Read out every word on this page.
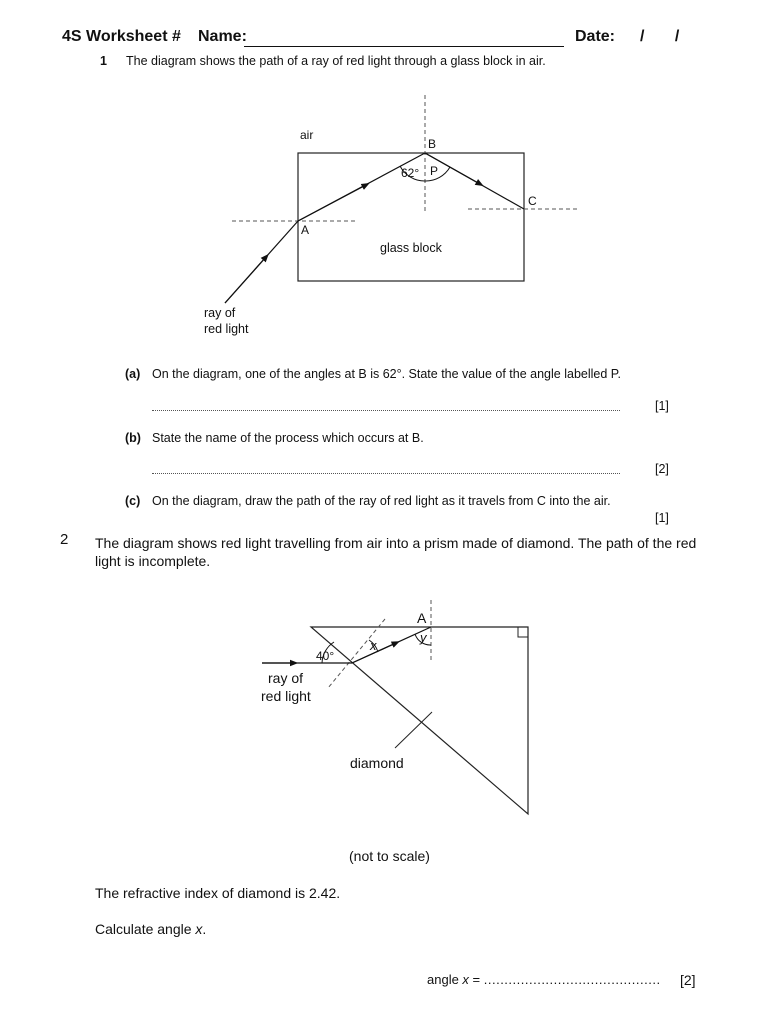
4S Worksheet # Name:	Date: / /
1 The diagram shows the path of a ray of red light through a glass block in air.
air
B
62° P
C
A
glass block
ray of
red light
(a) On the diagram, one of the angles at B is 62°. State the value of the angle labelled P.
[1]
(b) State the name of the process which occurs at B.
[2]
(c) On the diagram, draw the path of the ray of red light as it travels from C into the air.
[1]
2 The diagram shows red light travelling from air into a prism made of diamond. The path of the red
light is incomplete.
A
y
x
40°
ray of
red light
diamond
(not to scale)
The refractive index of diamond is 2.42.
Calculate angle x.
angle x = ........................................... [2]
